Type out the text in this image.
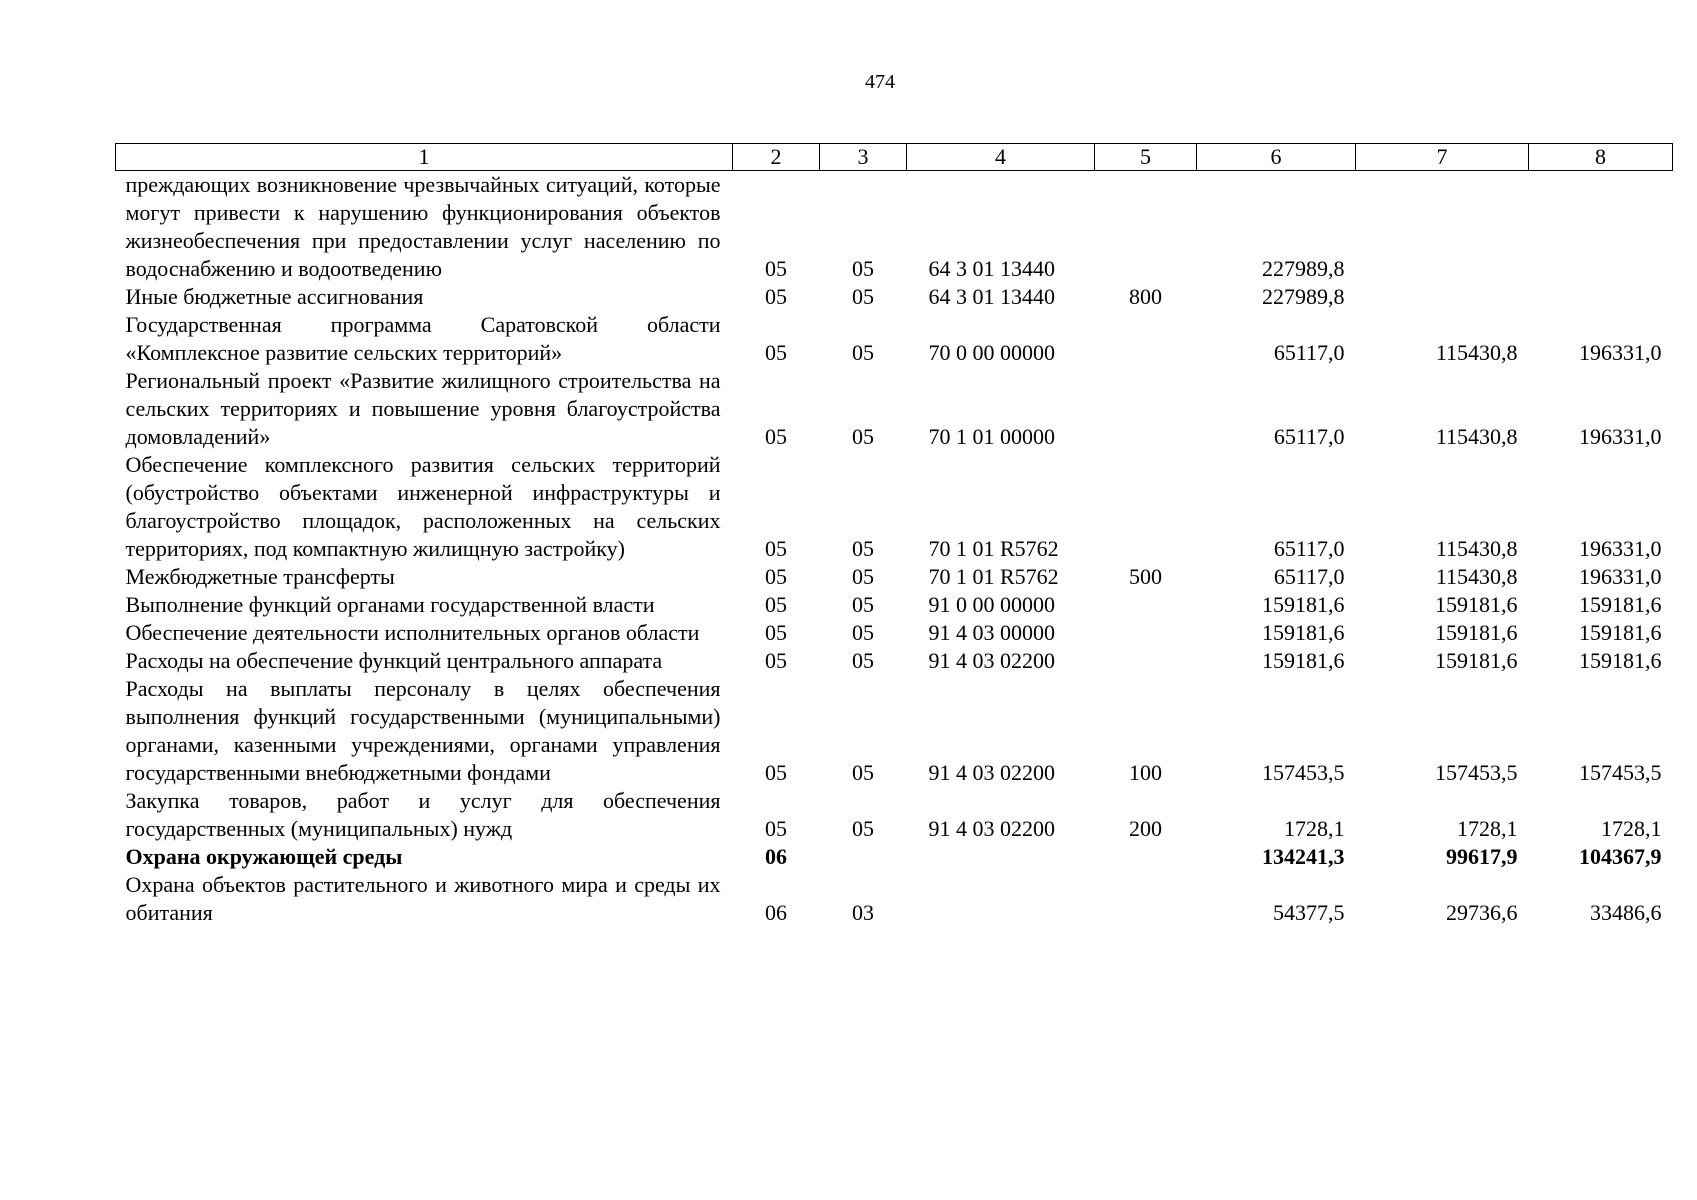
474
1	2	3	4	5	6	7	8
преждающих возникновение чрезвычайных ситуаций, которые могут привести к нарушению функционирования объектов жизнеобеспечения при предоставлении услуг населению по водоснабжению и водоотведению	05	05	64 3 01 13440		227989,8		
Иные бюджетные ассигнования	05	05	64 3 01 13440	800	227989,8		
Государственная программа Саратовской области «Комплексное развитие сельских территорий»	05	05	70 0 00 00000		65117,0	115430,8	196331,0
Региональный проект «Развитие жилищного строительства на сельских территориях и повышение уровня благоустройства домовладений»	05	05	70 1 01 00000		65117,0	115430,8	196331,0
Обеспечение комплексного развития сельских территорий (обустройство объектами инженерной инфраструктуры и благоустройство площадок, расположенных на сельских территориях, под компактную жилищную застройку)	05	05	70 1 01 R5762		65117,0	115430,8	196331,0
Межбюджетные трансферты	05	05	70 1 01 R5762	500	65117,0	115430,8	196331,0
Выполнение функций органами государственной власти	05	05	91 0 00 00000		159181,6	159181,6	159181,6
Обеспечение деятельности исполнительных органов области	05	05	91 4 03 00000		159181,6	159181,6	159181,6
Расходы на обеспечение функций центрального аппарата	05	05	91 4 03 02200		159181,6	159181,6	159181,6
Расходы на выплаты персоналу в целях обеспечения выполнения функций государственными (муниципальными) органами, казенными учреждениями, органами управления государственными внебюджетными фондами	05	05	91 4 03 02200	100	157453,5	157453,5	157453,5
Закупка товаров, работ и услуг для обеспечения государственных (муниципальных) нужд	05	05	91 4 03 02200	200	1728,1	1728,1	1728,1
Охрана окружающей среды	06				134241,3	99617,9	104367,9
Охрана объектов растительного и животного мира и среды их обитания	06	03			54377,5	29736,6	33486,6
